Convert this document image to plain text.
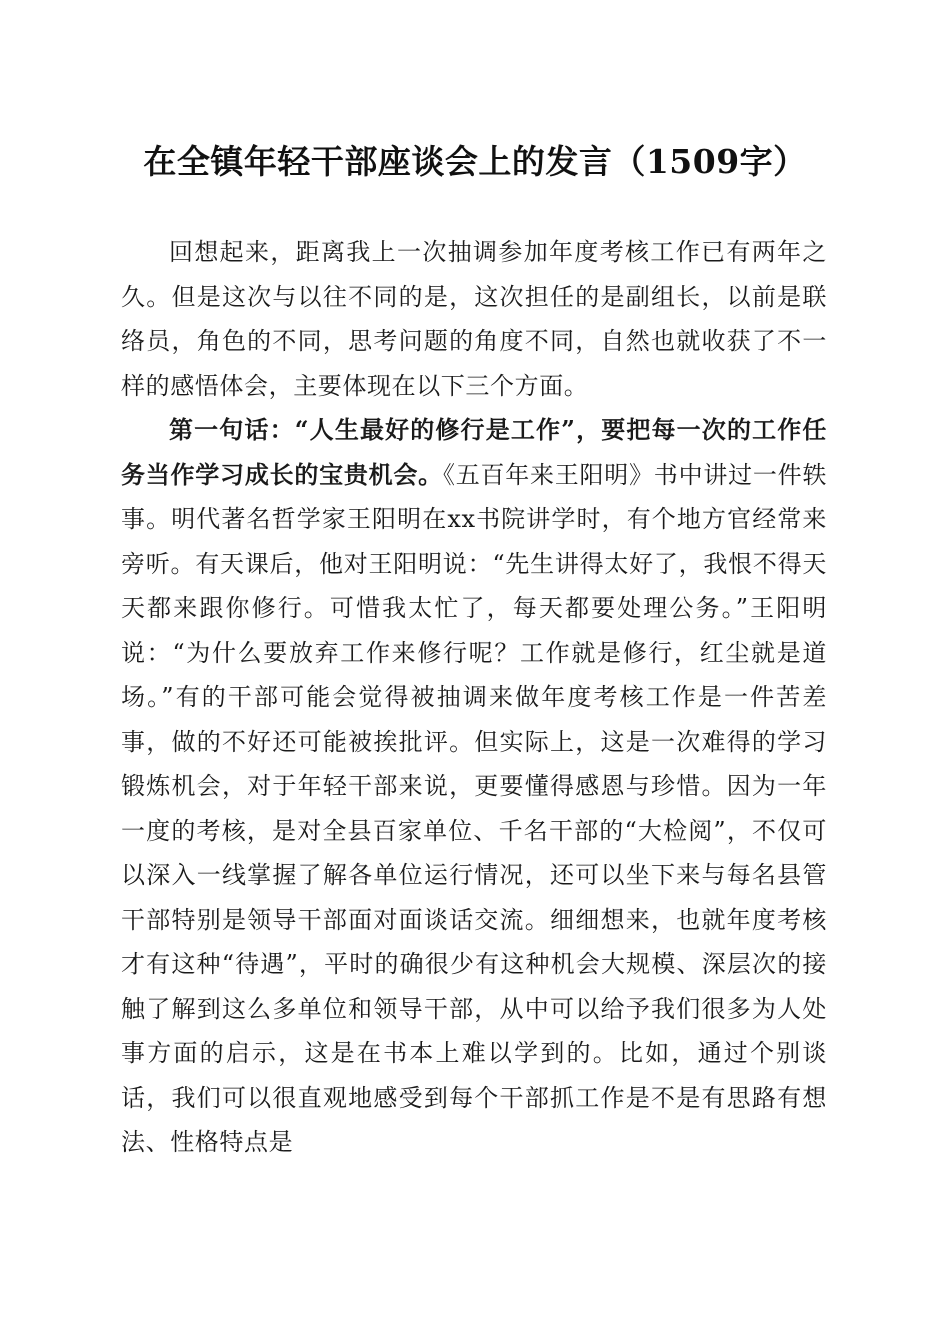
在全镇年轻干部座谈会上的发言（1509字）

回想起来，距离我上一次抽调参加年度考核工作已有两年之久。但是这次与以往不同的是，这次担任的是副组长，以前是联络员，角色的不同，思考问题的角度不同，自然也就收获了不一样的感悟体会，主要体现在以下三个方面。

第一句话：“人生最好的修行是工作”，要把每一次的工作任务当作学习成长的宝贵机会。《五百年来王阳明》书中讲过一件轶事。明代著名哲学家王阳明在xx书院讲学时，有个地方官经常来旁听。有天课后，他对王阳明说：“先生讲得太好了，我恨不得天天都来跟你修行。可惜我太忙了，每天都要处理公务。”王阳明说：“为什么要放弃工作来修行呢？工作就是修行，红尘就是道场。”有的干部可能会觉得被抽调来做年度考核工作是一件苦差事，做的不好还可能被挨批评。但实际上，这是一次难得的学习锻炼机会，对于年轻干部来说，更要懂得感恩与珍惜。因为一年一度的考核，是对全县百家单位、千名干部的“大检阅”，不仅可以深入一线掌握了解各单位运行情况，还可以坐下来与每名县管干部特别是领导干部面对面谈话交流。细细想来，也就年度考核才有这种“待遇”，平时的确很少有这种机会大规模、深层次的接触了解到这么多单位和领导干部，从中可以给予我们很多为人处事方面的启示，这是在书本上难以学到的。比如，通过个别谈话，我们可以很直观地感受到每个干部抓工作是不是有思路有想法、性格特点是
